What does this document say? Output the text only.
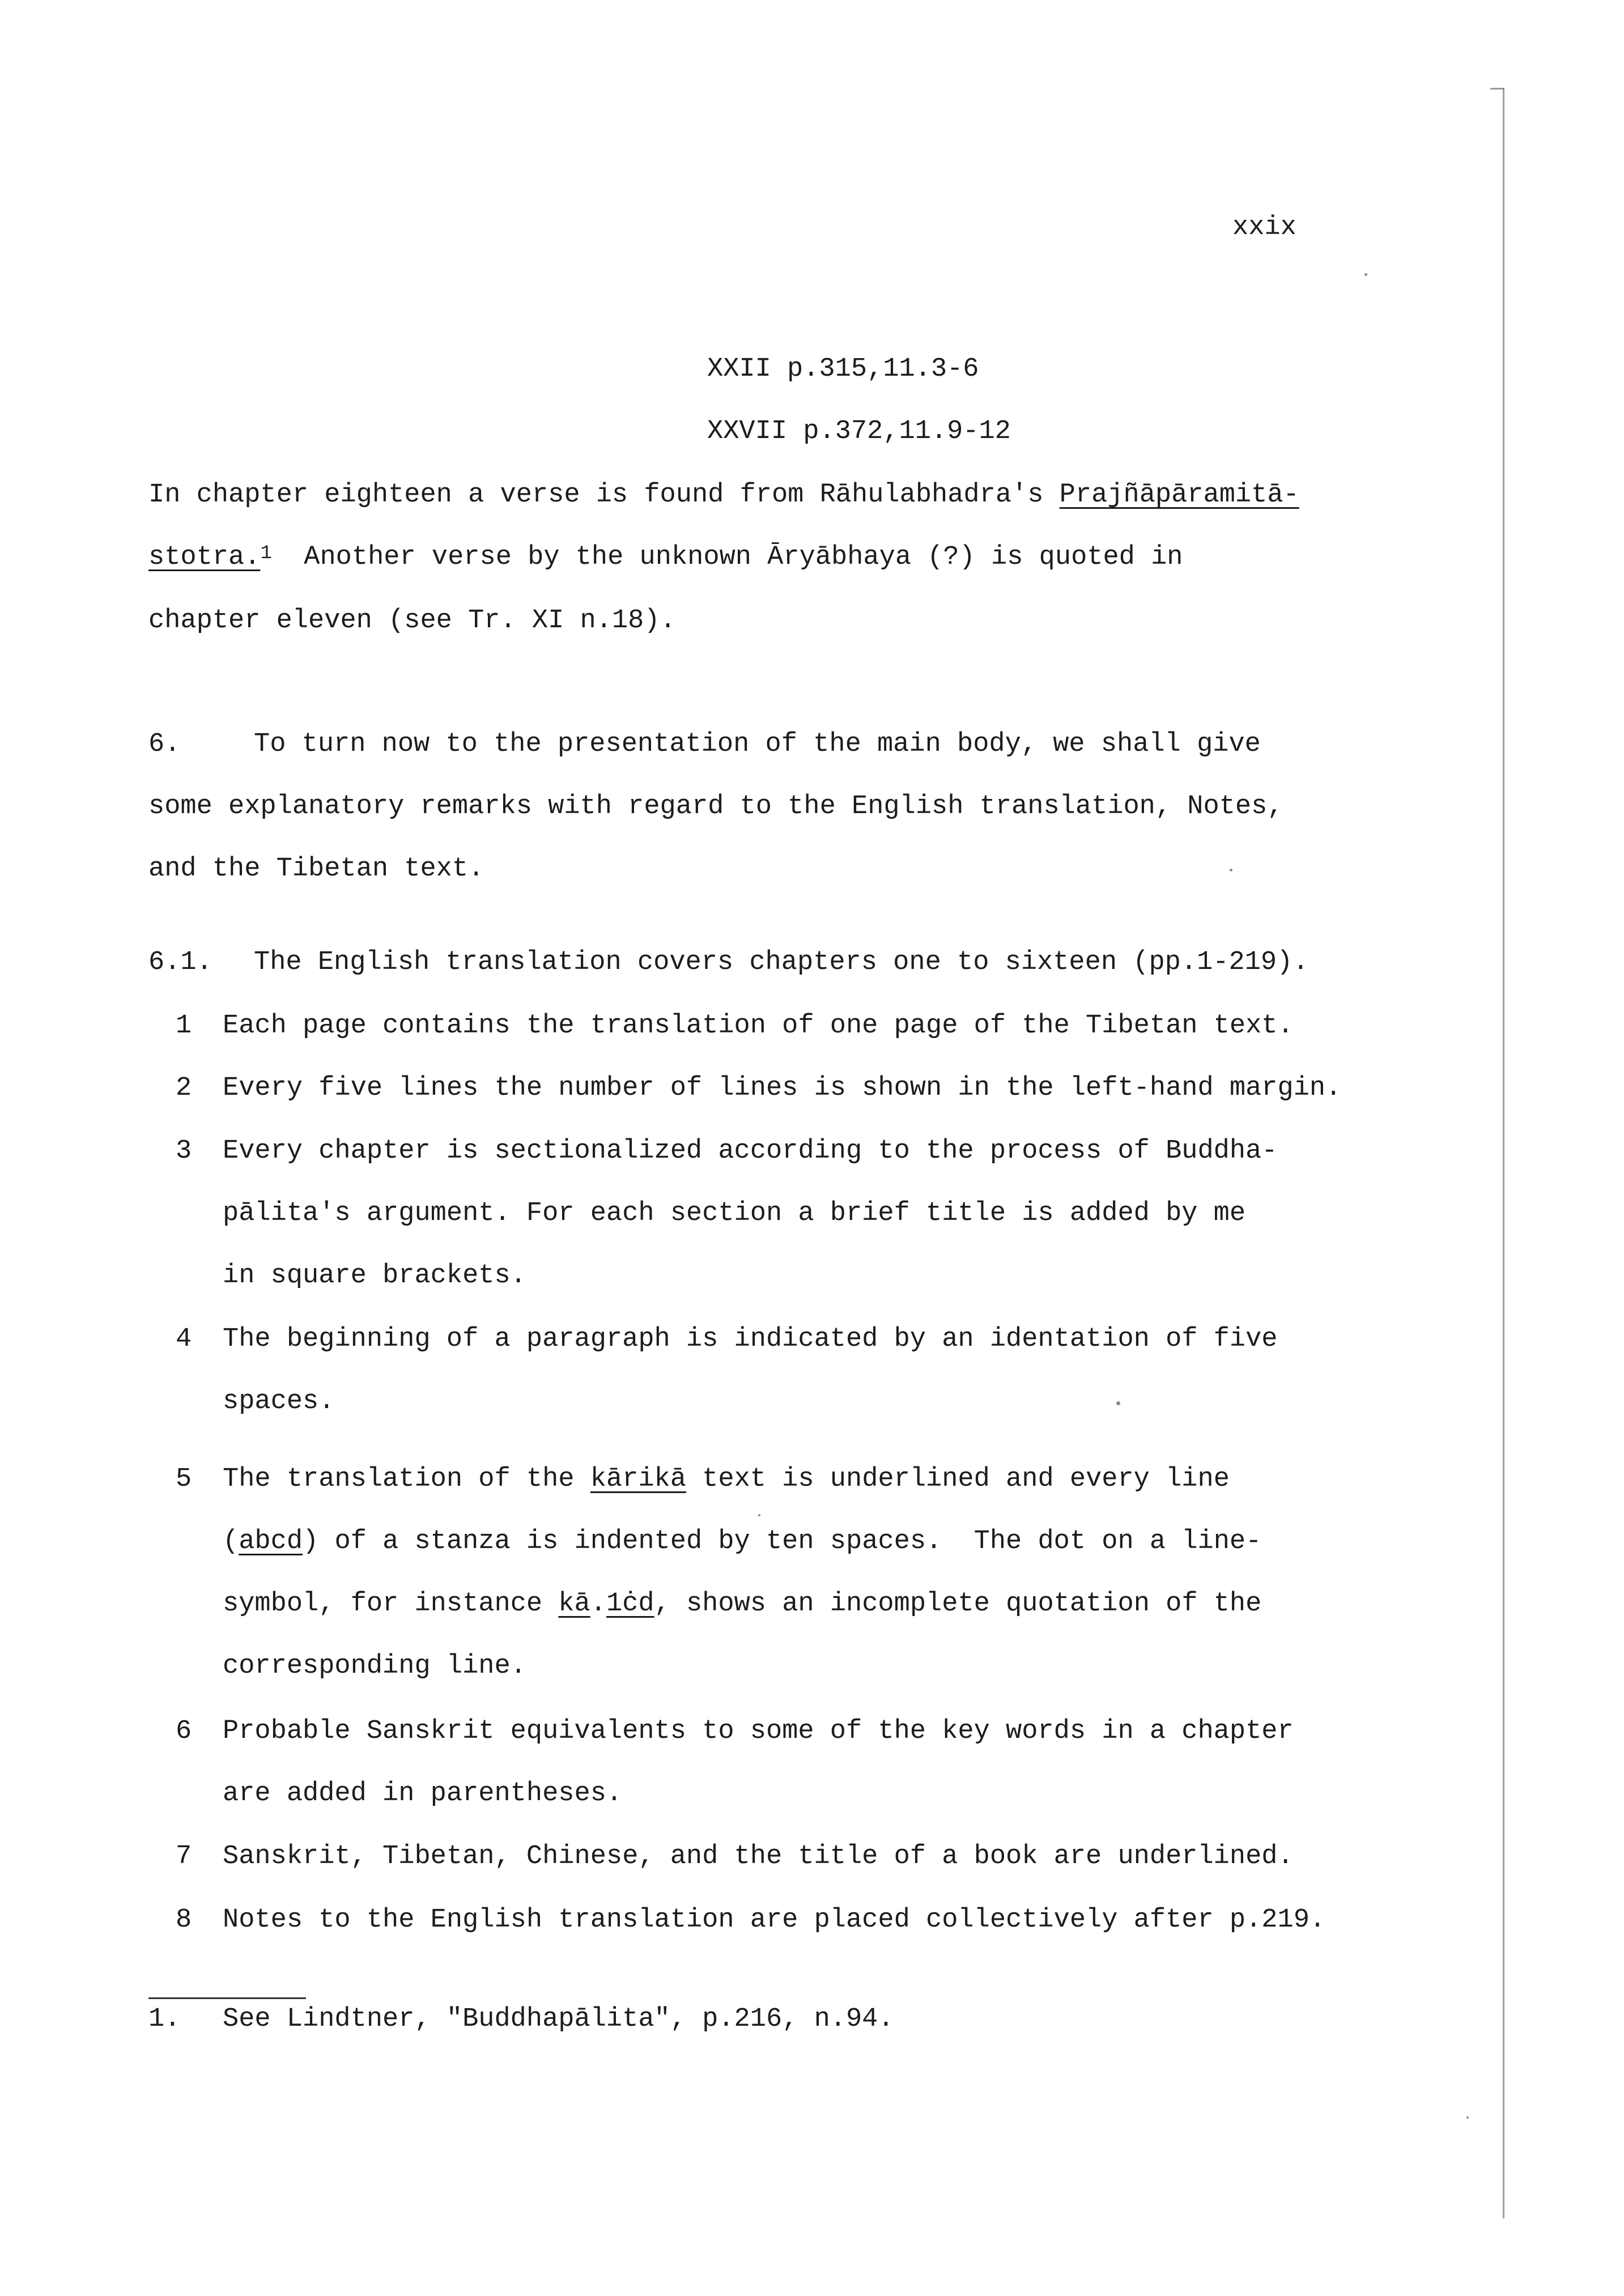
xxix
XXII p.315,11.3-6
XXVII p.372,11.9-12
In chapter eighteen a verse is found from Rāhulabhadra's Prajñāpāramitā-
stotra.$^1$  Another verse by the unknown Āryābhaya (?) is quoted in
chapter eleven (see Tr. XI n.18).
6.	To turn now to the presentation of the main body, we shall give
some explanatory remarks with regard to the English translation, Notes,
and the Tibetan text.
6.1. The English translation covers chapters one to sixteen (pp.1-219).
1 Each page contains the translation of one page of the Tibetan text.
2 Every five lines the number of lines is shown in the left-hand margin.
3 Every chapter is sectionalized according to the process of Buddha-
pālita's argument. For each section a brief title is added by me
in square brackets.
4 The beginning of a paragraph is indicated by an identation of five
spaces.
5 The translation of the kārikā text is underlined and every line
(abcd) of a stanza is indented by ten spaces.  The dot on a line-
symbol, for instance kā.1ċd, shows an incomplete quotation of the
corresponding line.
6 Probable Sanskrit equivalents to some of the key words in a chapter
are added in parentheses.
7 Sanskrit, Tibetan, Chinese, and the title of a book are underlined.
8 Notes to the English translation are placed collectively after p.219.
1. See Lindtner, "Buddhapālita", p.216, n.94.
